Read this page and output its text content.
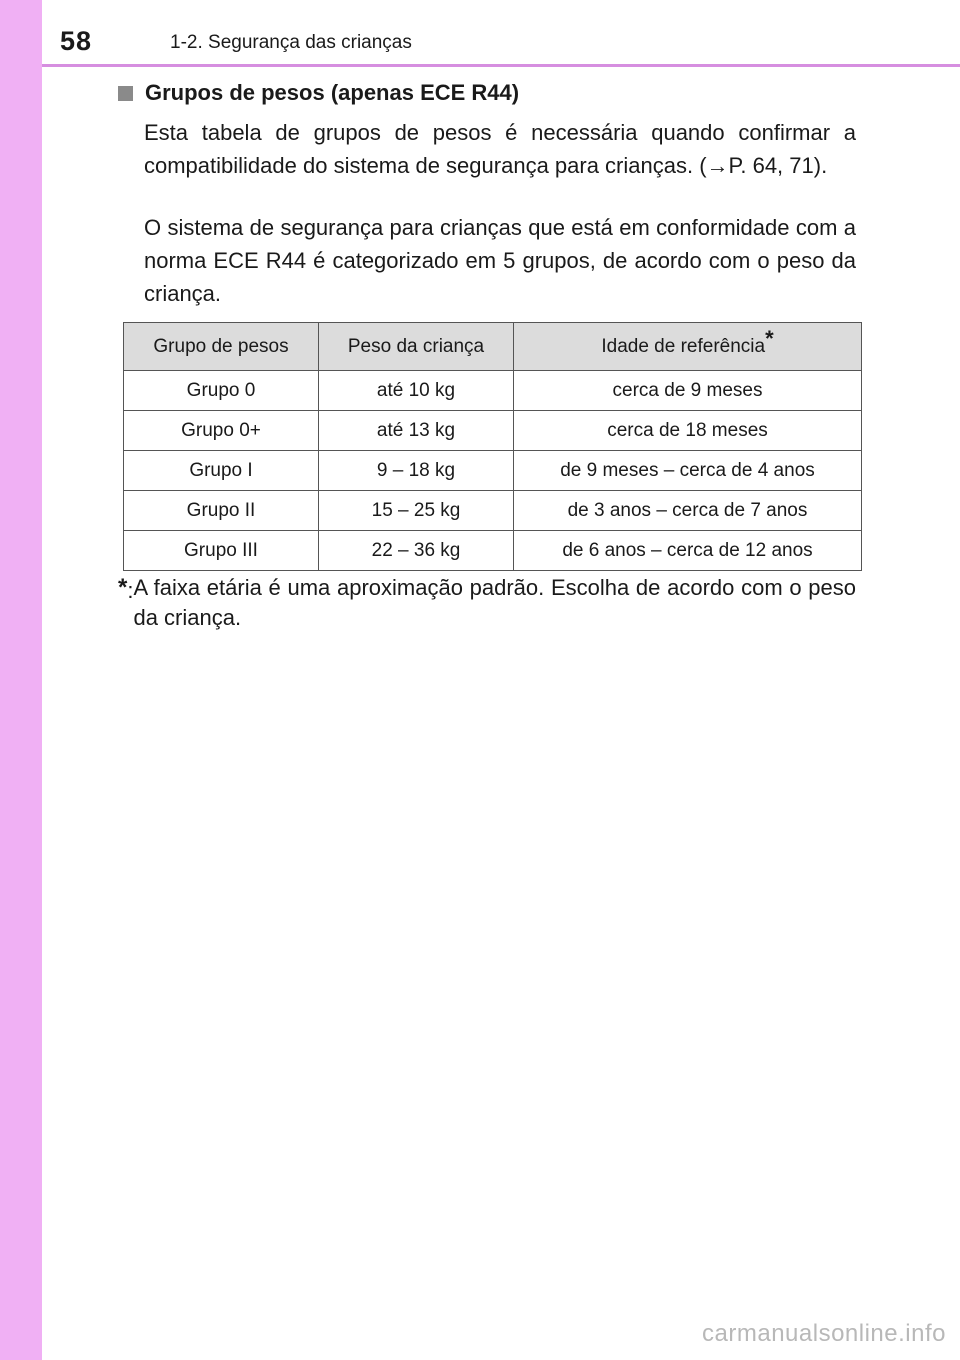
58	1-2. Segurança das crianças
Grupos de pesos (apenas ECE R44)

Esta tabela de grupos de pesos é necessária quando confirmar a compatibilidade do sistema de segurança para crianças. (→P. 64, 71).

O sistema de segurança para crianças que está em conformidade com a norma ECE R44 é categorizado em 5 grupos, de acordo com o peso da criança.

Grupo de pesos	Peso da criança	Idade de referência*
Grupo 0	até 10 kg	cerca de 9 meses
Grupo 0+	até 13 kg	cerca de 18 meses
Grupo I	9 – 18 kg	de 9 meses – cerca de 4 anos
Grupo II	15 – 25 kg	de 3 anos – cerca de 7 anos
Grupo III	22 – 36 kg	de 6 anos – cerca de 12 anos
*: A faixa etária é uma aproximação padrão. Escolha de acordo com o peso da criança.
carmanualsonline.info
